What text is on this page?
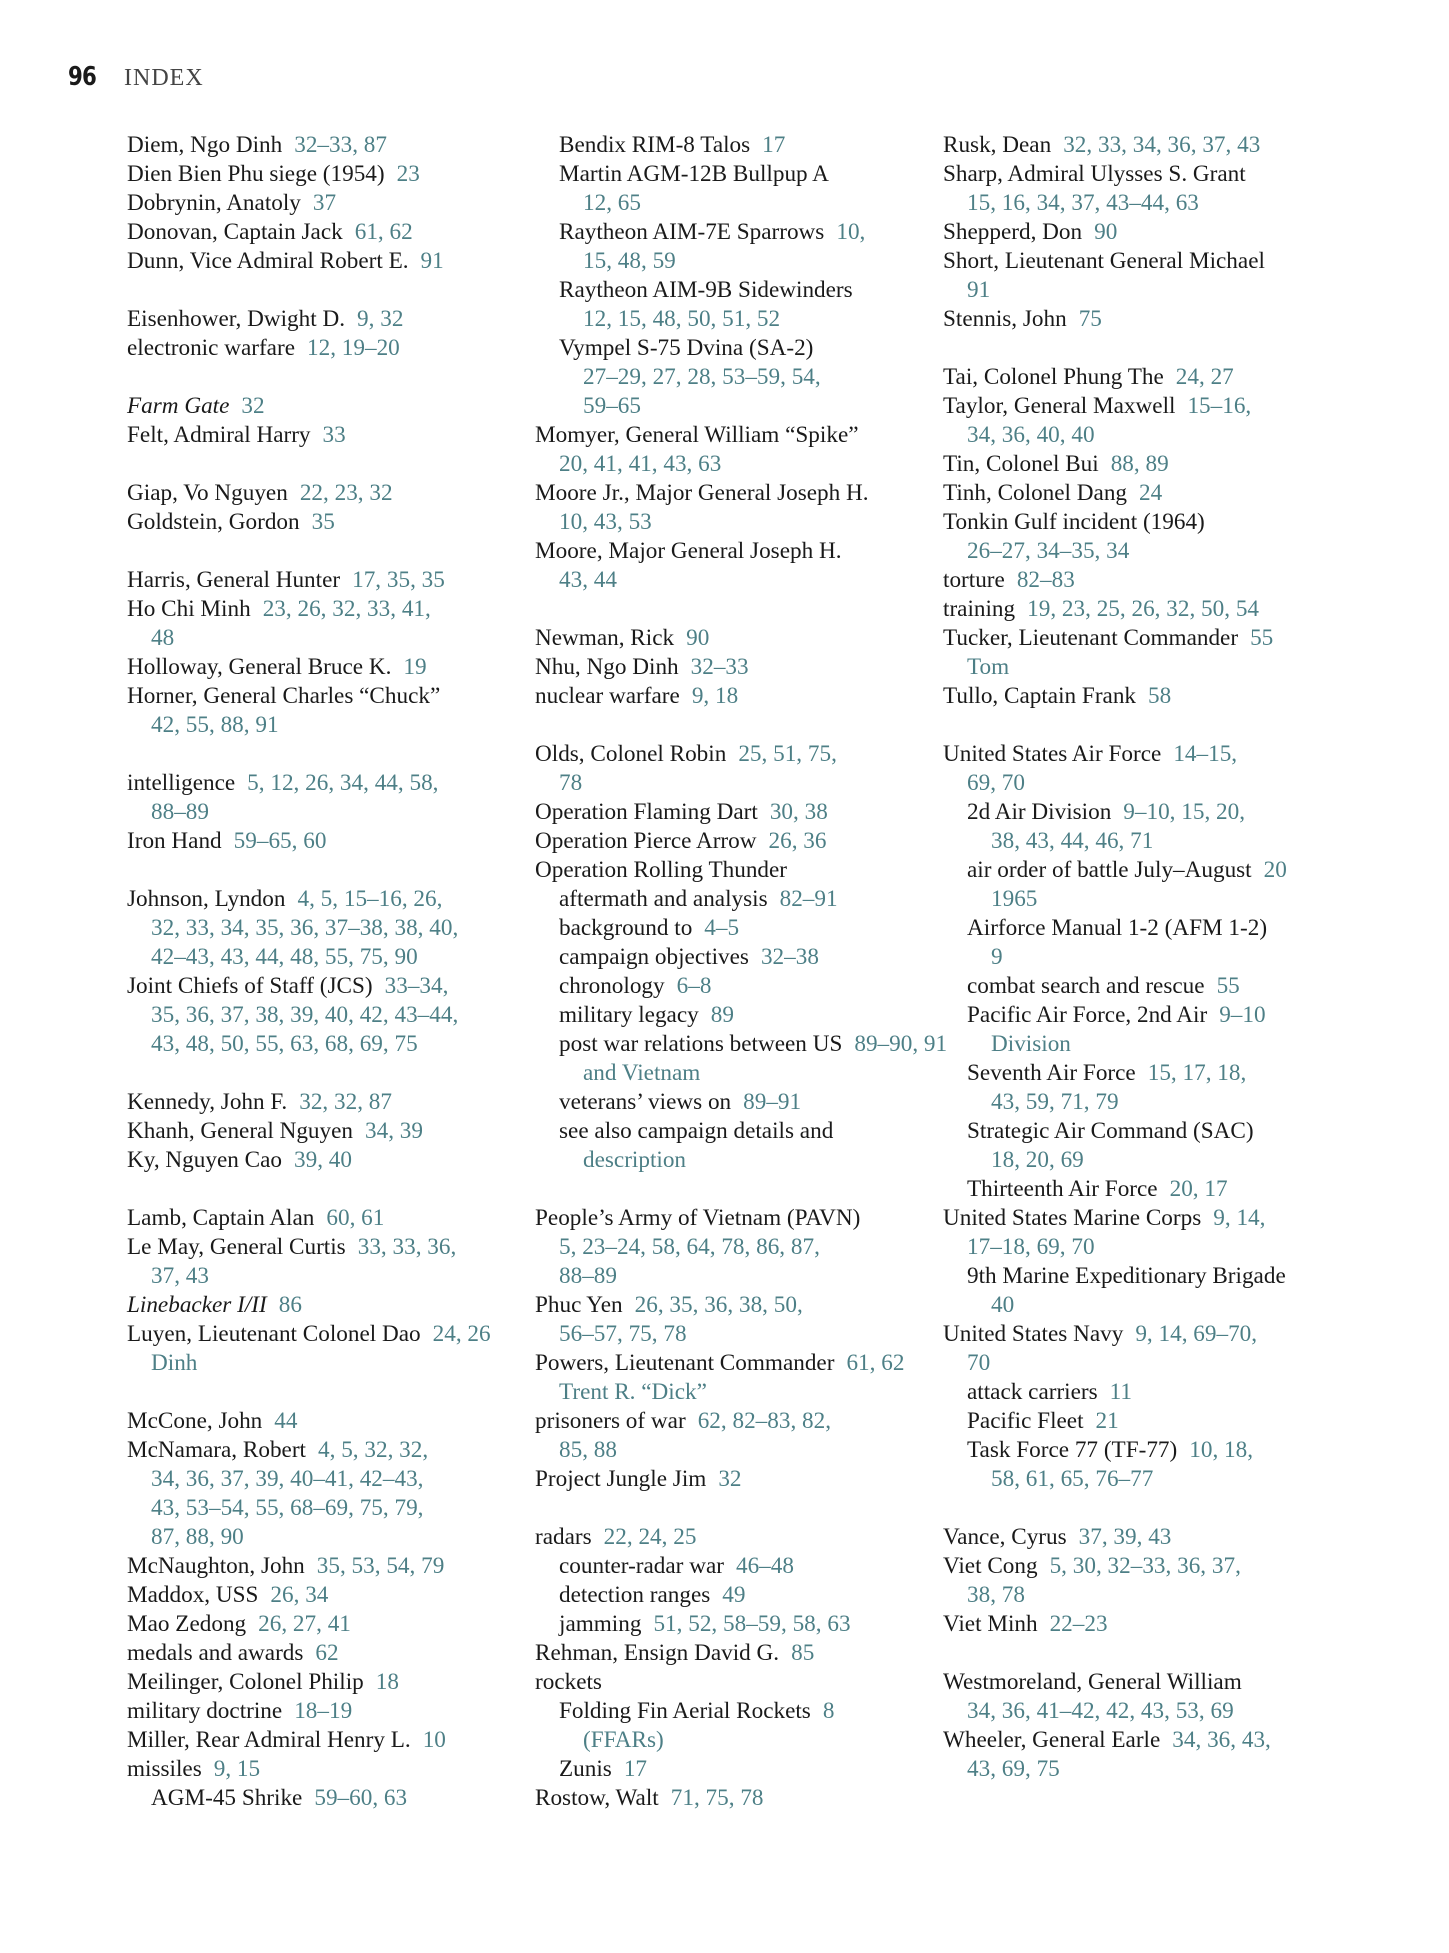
96 INDEX
Diem, Ngo Dinh 32–33, 87
Dien Bien Phu siege (1954) 23
Dobrynin, Anatoly 37
Donovan, Captain Jack 61, 62
Dunn, Vice Admiral Robert E. 91
Eisenhower, Dwight D. 9, 32
electronic warfare 12, 19–20
Farm Gate 32
Felt, Admiral Harry 33
Giap, Vo Nguyen 22, 23, 32
Goldstein, Gordon 35
Harris, General Hunter 17, 35, 35
Ho Chi Minh 23, 26, 32, 33, 41,
48
Holloway, General Bruce K. 19
Horner, General Charles “Chuck”
42, 55, 88, 91
intelligence 5, 12, 26, 34, 44, 58,
88–89
Iron Hand 59–65, 60
Johnson, Lyndon 4, 5, 15–16, 26,
32, 33, 34, 35, 36, 37–38, 38, 40,
42–43, 43, 44, 48, 55, 75, 90
Joint Chiefs of Staff (JCS) 33–34,
35, 36, 37, 38, 39, 40, 42, 43–44,
43, 48, 50, 55, 63, 68, 69, 75
Kennedy, John F. 32, 32, 87
Khanh, General Nguyen 34, 39
Ky, Nguyen Cao 39, 40
Lamb, Captain Alan 60, 61
Le May, General Curtis 33, 33, 36,
37, 43
Linebacker I/II 86
Luyen, Lieutenant Colonel Dao 24, 26
Dinh
McCone, John 44
McNamara, Robert 4, 5, 32, 32,
34, 36, 37, 39, 40–41, 42–43,
43, 53–54, 55, 68–69, 75, 79,
87, 88, 90
McNaughton, John 35, 53, 54, 79
Maddox, USS 26, 34
Mao Zedong 26, 27, 41
medals and awards 62
Meilinger, Colonel Philip 18
military doctrine 18–19
Miller, Rear Admiral Henry L. 10
missiles 9, 15
AGM-45 Shrike 59–60, 63
Bendix RIM-8 Talos 17
Martin AGM-12B Bullpup A
12, 65
Raytheon AIM-7E Sparrows 10,
15, 48, 59
Raytheon AIM-9B Sidewinders
12, 15, 48, 50, 51, 52
Vympel S-75 Dvina (SA-2)
27–29, 27, 28, 53–59, 54,
59–65
Momyer, General William “Spike”
20, 41, 41, 43, 63
Moore Jr., Major General Joseph H.
10, 43, 53
Moore, Major General Joseph H.
43, 44
Newman, Rick 90
Nhu, Ngo Dinh 32–33
nuclear warfare 9, 18
Olds, Colonel Robin 25, 51, 75,
78
Operation Flaming Dart 30, 38
Operation Pierce Arrow 26, 36
Operation Rolling Thunder
aftermath and analysis 82–91
background to 4–5
campaign objectives 32–38
chronology 6–8
military legacy 89
post war relations between US 89–90, 91
and Vietnam
veterans’ views on 89–91
see also campaign details and
description
People’s Army of Vietnam (PAVN)
5, 23–24, 58, 64, 78, 86, 87,
88–89
Phuc Yen 26, 35, 36, 38, 50,
56–57, 75, 78
Powers, Lieutenant Commander 61, 62
Trent R. “Dick”
prisoners of war 62, 82–83, 82,
85, 88
Project Jungle Jim 32
radars 22, 24, 25
counter-radar war 46–48
detection ranges 49
jamming 51, 52, 58–59, 58, 63
Rehman, Ensign David G. 85
rockets
Folding Fin Aerial Rockets 8
(FFARs)
Zunis 17
Rostow, Walt 71, 75, 78
Rusk, Dean 32, 33, 34, 36, 37, 43
Sharp, Admiral Ulysses S. Grant
15, 16, 34, 37, 43–44, 63
Shepperd, Don 90
Short, Lieutenant General Michael
91
Stennis, John 75
Tai, Colonel Phung The 24, 27
Taylor, General Maxwell 15–16,
34, 36, 40, 40
Tin, Colonel Bui 88, 89
Tinh, Colonel Dang 24
Tonkin Gulf incident (1964)
26–27, 34–35, 34
torture 82–83
training 19, 23, 25, 26, 32, 50, 54
Tucker, Lieutenant Commander 55
Tom
Tullo, Captain Frank 58
United States Air Force 14–15,
69, 70
2d Air Division 9–10, 15, 20,
38, 43, 44, 46, 71
air order of battle July–August 20
1965
Airforce Manual 1-2 (AFM 1-2)
9
combat search and rescue 55
Pacific Air Force, 2nd Air 9–10
Division
Seventh Air Force 15, 17, 18,
43, 59, 71, 79
Strategic Air Command (SAC)
18, 20, 69
Thirteenth Air Force 20, 17
United States Marine Corps 9, 14,
17–18, 69, 70
9th Marine Expeditionary Brigade
40
United States Navy 9, 14, 69–70,
70
attack carriers 11
Pacific Fleet 21
Task Force 77 (TF-77) 10, 18,
58, 61, 65, 76–77
Vance, Cyrus 37, 39, 43
Viet Cong 5, 30, 32–33, 36, 37,
38, 78
Viet Minh 22–23
Westmoreland, General William
34, 36, 41–42, 42, 43, 53, 69
Wheeler, General Earle 34, 36, 43,
43, 69, 75
